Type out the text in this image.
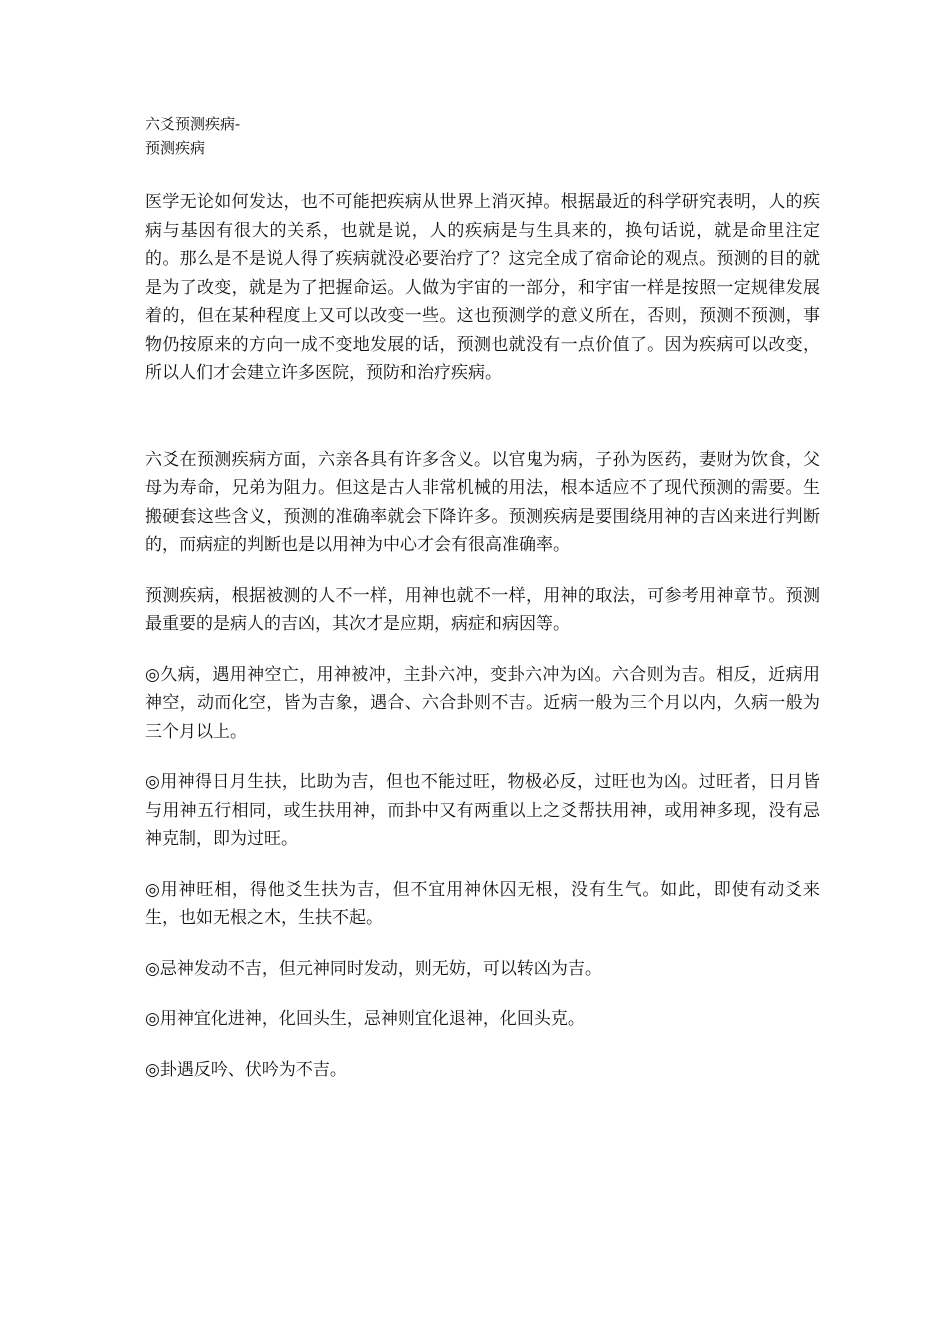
六爻预测疾病-

预测疾病

医学无论如何发达，也不可能把疾病从世界上消灭掉。根据最近的科学研究表明，人的疾病与基因有很大的关系，也就是说，人的疾病是与生具来的，换句话说，就是命里注定的。那么是不是说人得了疾病就没必要治疗了？这完全成了宿命论的观点。预测的目的就是为了改变，就是为了把握命运。人做为宇宙的一部分，和宇宙一样是按照一定规律发展着的，但在某种程度上又可以改变一些。这也预测学的意义所在，否则，预测不预测，事物仍按原来的方向一成不变地发展的话，预测也就没有一点价值了。因为疾病可以改变，所以人们才会建立许多医院，预防和治疗疾病。

六爻在预测疾病方面，六亲各具有许多含义。以官鬼为病，子孙为医药，妻财为饮食，父母为寿命，兄弟为阻力。但这是古人非常机械的用法，根本适应不了现代预测的需要。生搬硬套这些含义，预测的准确率就会下降许多。预测疾病是要围绕用神的吉凶来进行判断的，而病症的判断也是以用神为中心才会有很高准确率。

预测疾病，根据被测的人不一样，用神也就不一样，用神的取法，可参考用神章节。预测最重要的是病人的吉凶，其次才是应期，病症和病因等。

◎久病，遇用神空亡，用神被冲，主卦六冲，变卦六冲为凶。六合则为吉。相反，近病用神空，动而化空，皆为吉象，遇合、六合卦则不吉。近病一般为三个月以内，久病一般为三个月以上。

◎用神得日月生扶，比助为吉，但也不能过旺，物极必反，过旺也为凶。过旺者，日月皆与用神五行相同，或生扶用神，而卦中又有两重以上之爻帮扶用神，或用神多现，没有忌神克制，即为过旺。

◎用神旺相，得他爻生扶为吉，但不宜用神休囚无根，没有生气。如此，即使有动爻来生，也如无根之木，生扶不起。

◎忌神发动不吉，但元神同时发动，则无妨，可以转凶为吉。

◎用神宜化进神，化回头生，忌神则宜化退神，化回头克。

◎卦遇反吟、伏吟为不吉。
